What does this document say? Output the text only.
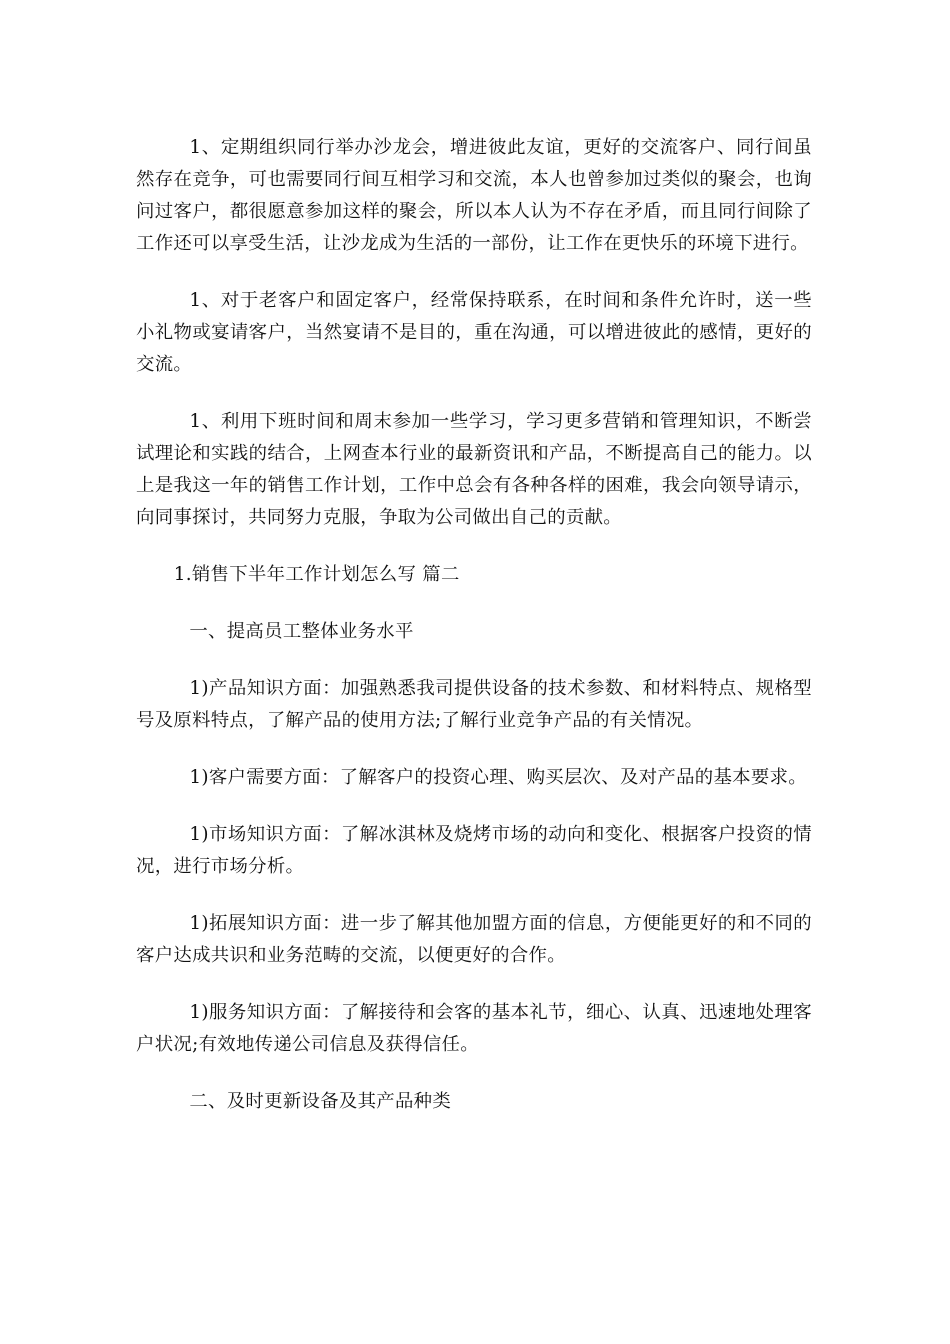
1、定期组织同行举办沙龙会，增进彼此友谊，更好的交流客户、同行间虽然存在竞争，可也需要同行间互相学习和交流，本人也曾参加过类似的聚会，也询问过客户，都很愿意参加这样的聚会，所以本人认为不存在矛盾，而且同行间除了工作还可以享受生活，让沙龙成为生活的一部份，让工作在更快乐的环境下进行。

1、对于老客户和固定客户，经常保持联系，在时间和条件允许时，送一些小礼物或宴请客户，当然宴请不是目的，重在沟通，可以增进彼此的感情，更好的交流。

1、利用下班时间和周末参加一些学习，学习更多营销和管理知识，不断尝试理论和实践的结合，上网查本行业的最新资讯和产品，不断提高自己的能力。以上是我这一年的销售工作计划，工作中总会有各种各样的困难，我会向领导请示，向同事探讨，共同努力克服，争取为公司做出自己的贡献。

1.销售下半年工作计划怎么写 篇二

一、提高员工整体业务水平

1)产品知识方面：加强熟悉我司提供设备的技术参数、和材料特点、规格型号及原料特点，了解产品的使用方法;了解行业竞争产品的有关情况。

1)客户需要方面：了解客户的投资心理、购买层次、及对产品的基本要求。

1)市场知识方面：了解冰淇林及烧烤市场的动向和变化、根据客户投资的情况，进行市场分析。

1)拓展知识方面：进一步了解其他加盟方面的信息，方便能更好的和不同的客户达成共识和业务范畴的交流，以便更好的合作。

1)服务知识方面：了解接待和会客的基本礼节，细心、认真、迅速地处理客户状况;有效地传递公司信息及获得信任。

二、及时更新设备及其产品种类
